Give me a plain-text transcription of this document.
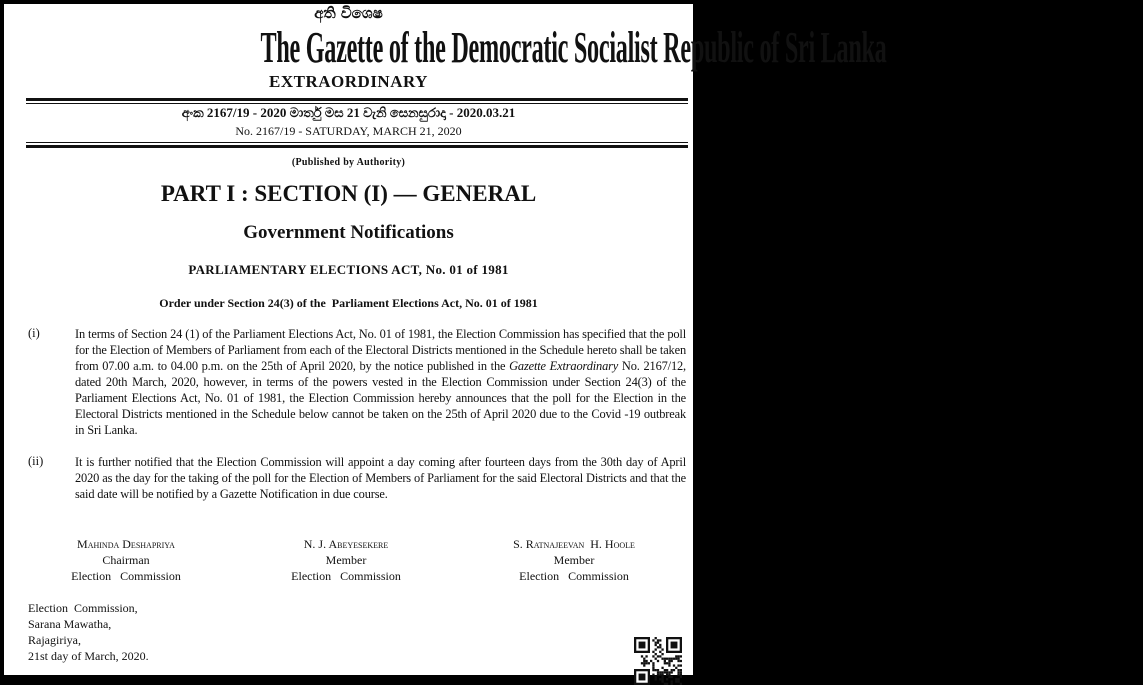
අති විශෙෂ
The Gazette of the Democratic Socialist Republic of Sri Lanka
EXTRAORDINARY
අංක 2167/19 - 2020 මාර්තු මස 21 වැනි සෙනසුරාදා - 2020.03.21
No. 2167/19 - SATURDAY, MARCH 21, 2020
(Published by Authority)
PART I : SECTION (I) — GENERAL
Government Notifications
PARLIAMENTARY ELECTIONS ACT, No. 01 of 1981
Order under Section 24(3) of the  Parliament Elections Act, No. 01 of 1981
(i)	In terms of Section 24 (1) of the Parliament Elections Act, No. 01 of 1981, the Election Commission has specified that the poll for the Election of Members of Parliament from each of the Electoral Districts mentioned in the Schedule hereto shall be taken from 07.00 a.m. to 04.00 p.m. on the 25th of April 2020, by the notice published in the Gazette Extraordinary No. 2167/12, dated 20th March, 2020, however, in terms of the powers vested in the Election Commission under Section 24(3) of the Parliament Elections Act, No. 01 of 1981, the Election Commission hereby announces that the poll for the Election in the Electoral Districts mentioned in the Schedule below cannot be taken on the 25th of April 2020 due to the Covid -19 outbreak in Sri Lanka.
(ii)	It is further notified that the Election Commission will appoint a day coming after fourteen days from the 30th day of April 2020 as the day for the taking of the poll for the Election of Members of Parliament for the said Electoral Districts and that the said date will be notified by a Gazette Notification in due course.
Mahinda Deshapriya
Chairman
Election   Commission
N. J. Abeyesekere
Member
Election   Commission
S. Ratnajeevan  H. Hoole
Member
Election   Commission
Election  Commission,
Sarana Mawatha,
Rajagiriya,
21st day of March, 2020.
